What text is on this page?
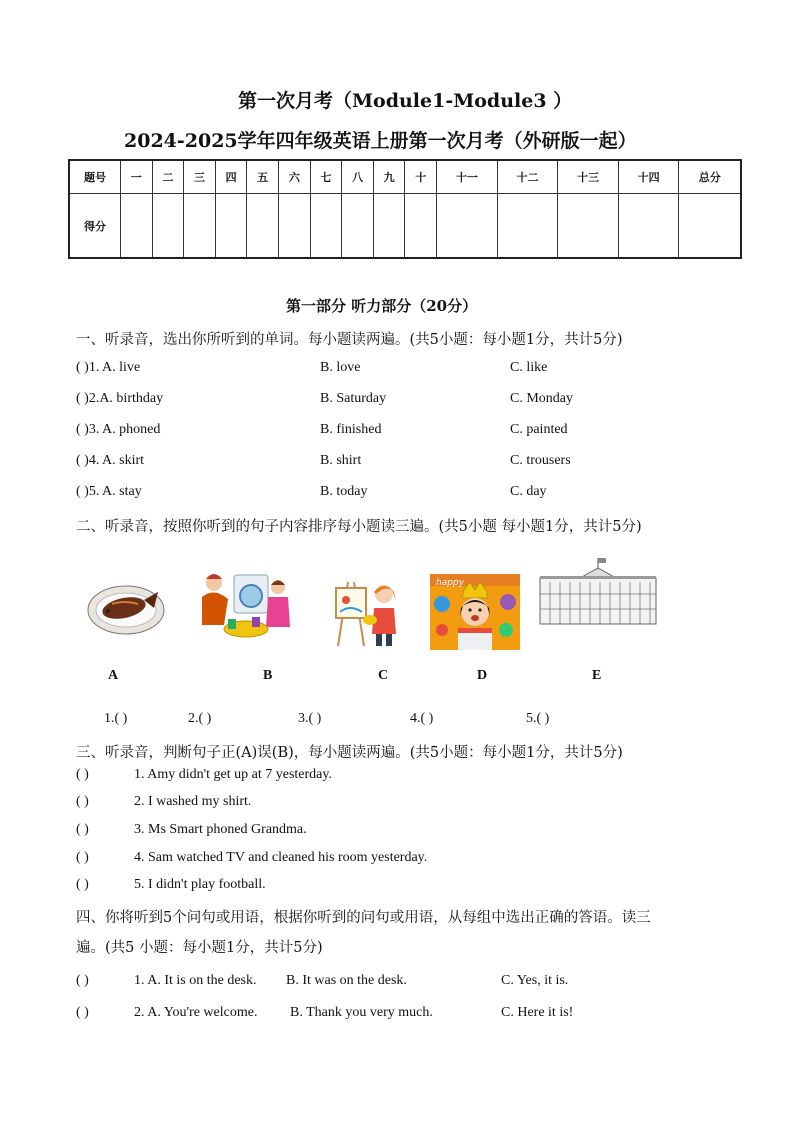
第一次月考（Module1-Module3 ）
2024-2025学年四年级英语上册第一次月考（外研版一起）
题号	一	二	三	四	五	六	七	八	九	十	十一	十二	十三	十四	总分
得分															
第一部分 听力部分（20分）
一、听录音，选出你所听到的单词。每小题读两遍。(共5小题：每小题1分，共计5分)
( )1. A. live	B. love	C. like
( )2.A. birthday	B. Saturday	C. Monday
( )3. A. phoned	B. finished	C. painted
( )4. A. skirt	B. shirt	C. trousers
( )5. A. stay	B. today	C. day
二、听录音，按照你听到的句子内容排序每小题读三遍。(共5小题 每小题1分，共计5分)
happy
A	B	C	D	E
1.( )	2.( )	3.( )	4.( )	5.( )
三、听录音，判断句子正(A)误(B)，每小题读两遍。(共5小题：每小题1分，共计5分)
( )	1. Amy didn't get up at 7 yesterday.
( )	2. I washed my shirt.
( )	3. Ms Smart phoned Grandma.
( )	4. Sam watched TV and cleaned his room yesterday.
( )	5. I didn't play football.
四、你将听到5个问句或用语，根据你听到的问句或用语，从每组中选出正确的答语。读三
遍。(共5 小题：每小题1分，共计5分)
( )	1. A. It is on the desk. B. It was on the desk.	C. Yes, it is.
( )	2. A. You're welcome. B. Thank you very much.	C. Here it is!
